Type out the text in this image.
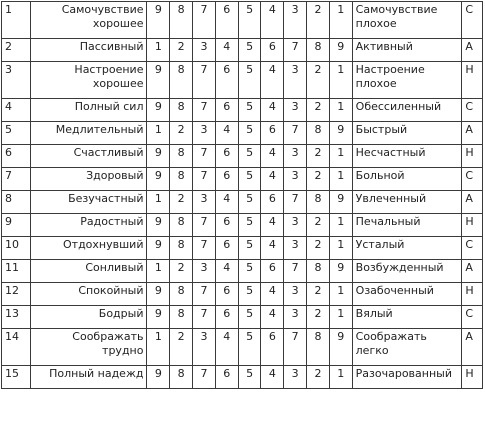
1	Самочувствие хорошее	9	8	7	6	5	4	3	2	1	Самочувствие плохое	С
2	Пассивный	1	2	3	4	5	6	7	8	9	Активный	А
3	Настроение хорошее	9	8	7	6	5	4	3	2	1	Настроение плохое	Н
4	Полный сил	9	8	7	6	5	4	3	2	1	Обессиленный	С
5	Медлительный	1	2	3	4	5	6	7	8	9	Быстрый	А
6	Счастливый	9	8	7	6	5	4	3	2	1	Несчастный	Н
7	Здоровый	9	8	7	6	5	4	3	2	1	Больной	С
8	Безучастный	1	2	3	4	5	6	7	8	9	Увлеченный	А
9	Радостный	9	8	7	6	5	4	3	2	1	Печальный	Н
10	Отдохнувший	9	8	7	6	5	4	3	2	1	Усталый	С
11	Сонливый	1	2	3	4	5	6	7	8	9	Возбужденный	А
12	Спокойный	9	8	7	6	5	4	3	2	1	Озабоченный	Н
13	Бодрый	9	8	7	6	5	4	3	2	1	Вялый	С
14	Соображать трудно	1	2	3	4	5	6	7	8	9	Соображать легко	А
15	Полный надежд	9	8	7	6	5	4	3	2	1	Разочарованный	Н
